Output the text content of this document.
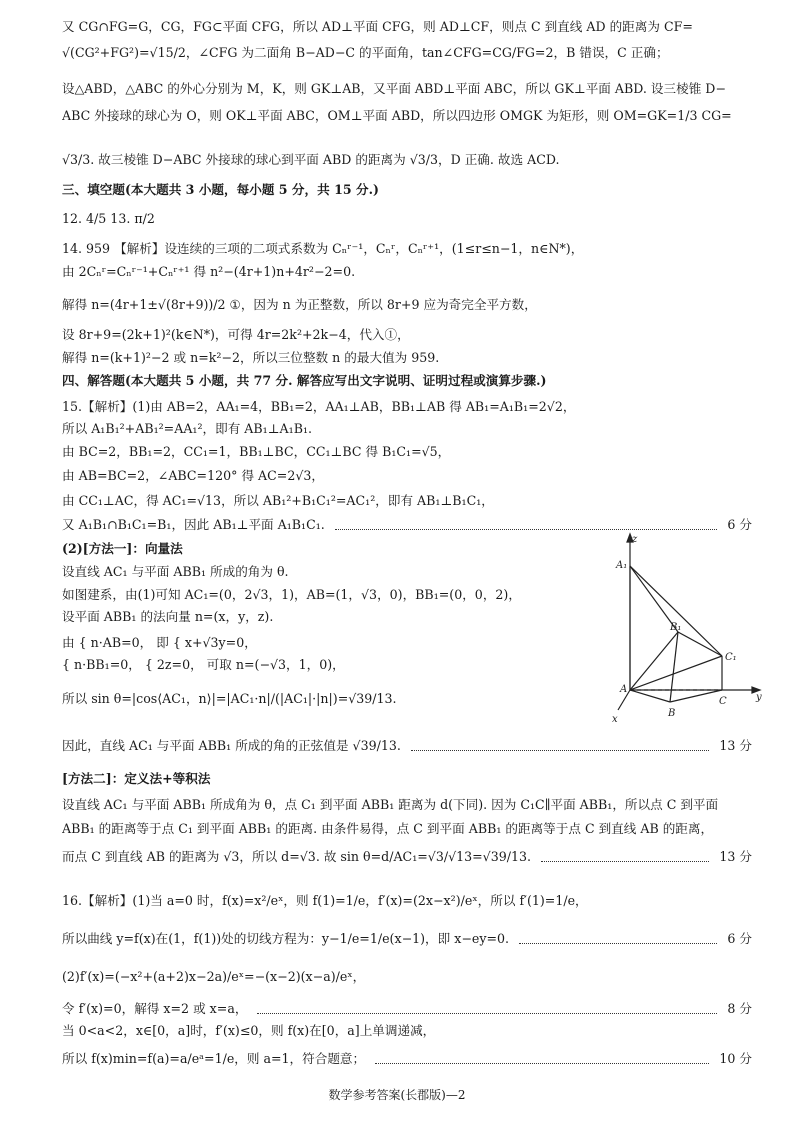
又 CG∩FG=G，CG，FG⊂平面 CFG，所以 AD⊥平面 CFG，则 AD⊥CF，则点 C 到直线 AD 的距离为 CF=
√(CG²+FG²)=√15/2，∠CFG 为二面角 B−AD−C 的平面角，tan∠CFG=CG/FG=2，B 错误，C 正确；
设△ABD，△ABC 的外心分别为 M，K，则 GK⊥AB，又平面 ABD⊥平面 ABC，所以 GK⊥平面 ABD. 设三棱锥 D−
ABC 外接球的球心为 O，则 OK⊥平面 ABC，OM⊥平面 ABD，所以四边形 OMGK 为矩形，则 OM=GK=1/3 CG=
√3/3. 故三棱锥 D−ABC 外接球的球心到平面 ABD 的距离为 √3/3，D 正确. 故选 ACD.
三、填空题(本大题共 3 小题，每小题 5 分，共 15 分.)
12. 4/5 13. π/2
14. 959 【解析】设连续的三项的二项式系数为 Cₙʳ⁻¹，Cₙʳ，Cₙʳ⁺¹，(1≤r≤n−1，n∈N*)，
由 2Cₙʳ=Cₙʳ⁻¹+Cₙʳ⁺¹ 得 n²−(4r+1)n+4r²−2=0.
解得 n=(4r+1±√(8r+9))/2 ①，因为 n 为正整数，所以 8r+9 应为奇完全平方数，
设 8r+9=(2k+1)²(k∈N*)，可得 4r=2k²+2k−4，代入①，
解得 n=(k+1)²−2 或 n=k²−2，所以三位整数 n 的最大值为 959.
四、解答题(本大题共 5 小题，共 77 分. 解答应写出文字说明、证明过程或演算步骤.)
15.【解析】(1)由 AB=2，AA₁=4，BB₁=2，AA₁⊥AB，BB₁⊥AB 得 AB₁=A₁B₁=2√2，
所以 A₁B₁²+AB₁²=AA₁²，即有 AB₁⊥A₁B₁.
由 BC=2，BB₁=2，CC₁=1，BB₁⊥BC，CC₁⊥BC 得 B₁C₁=√5，
由 AB=BC=2，∠ABC=120° 得 AC=2√3，
由 CC₁⊥AC，得 AC₁=√13，所以 AB₁²+B₁C₁²=AC₁²，即有 AB₁⊥B₁C₁，
又 A₁B₁∩B₁C₁=B₁，因此 AB₁⊥平面 A₁B₁C₁.	6 分
(2)[方法一]：向量法
设直线 AC₁ 与平面 ABB₁ 所成的角为 θ.
如图建系，由(1)可知 AC₁=(0，2√3，1)，AB=(1，√3，0)，BB₁=(0，0，2)，
设平面 ABB₁ 的法向量 n=(x，y，z).
由 { n·AB=0， 即 { x+√3y=0，
{ n·BB₁=0， { 2z=0， 可取 n=(−√3，1，0)，
所以 sin θ=|cos⟨AC₁，n⟩|=|AC₁·n|/(|AC₁|·|n|)=√39/13.
因此，直线 AC₁ 与平面 ABB₁ 所成的角的正弦值是 √39/13.	13 分
[方法二]：定义法+等积法
设直线 AC₁ 与平面 ABB₁ 所成角为 θ，点 C₁ 到平面 ABB₁ 距离为 d(下同). 因为 C₁C∥平面 ABB₁，所以点 C 到平面
ABB₁ 的距离等于点 C₁ 到平面 ABB₁ 的距离. 由条件易得，点 C 到平面 ABB₁ 的距离等于点 C 到直线 AB 的距离，
而点 C 到直线 AB 的距离为 √3，所以 d=√3. 故 sin θ=d/AC₁=√3/√13=√39/13.	13 分
16.【解析】(1)当 a=0 时，f(x)=x²/eˣ，则 f(1)=1/e，f′(x)=(2x−x²)/eˣ，所以 f′(1)=1/e，
所以曲线 y=f(x)在(1，f(1))处的切线方程为：y−1/e=1/e(x−1)，即 x−ey=0.	6 分
(2)f′(x)=(−x²+(a+2)x−2a)/eˣ=−(x−2)(x−a)/eˣ，
令 f′(x)=0，解得 x=2 或 x=a，	8 分
当 0<a<2，x∈[0，a]时，f′(x)≤0，则 f(x)在[0，a]上单调递减，
所以 f(x)min=f(a)=a/eᵃ=1/e，则 a=1，符合题意；	10 分
z
A₁
B₁
C₁
A
B
C
x
y
数学参考答案(长郡版)—2
